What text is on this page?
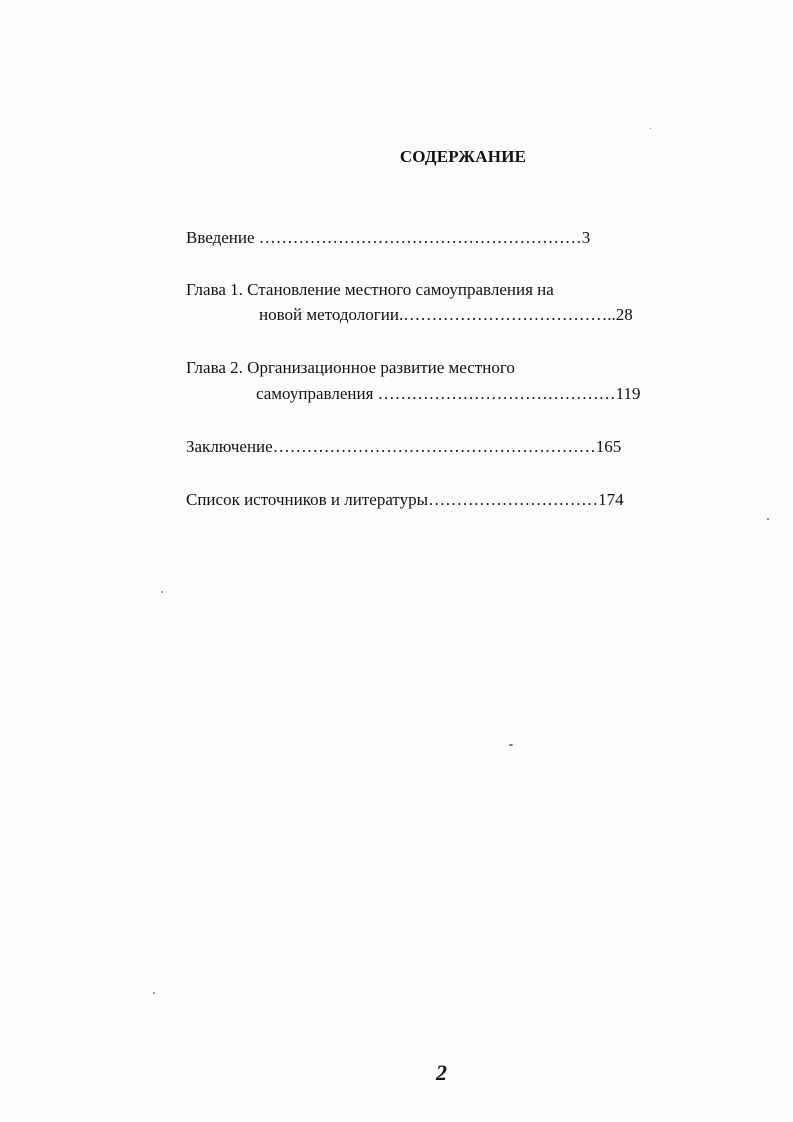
СОДЕРЖАНИЕ
Введение …………………………………………………3
Глава 1. Становление местного самоуправления на
новой методологии.………………………………..28
Глава 2. Организационное развитие местного
самоуправления ……………………………………119
Заключение…………………………………………………165
Список источников и литературы…………………………174
2
